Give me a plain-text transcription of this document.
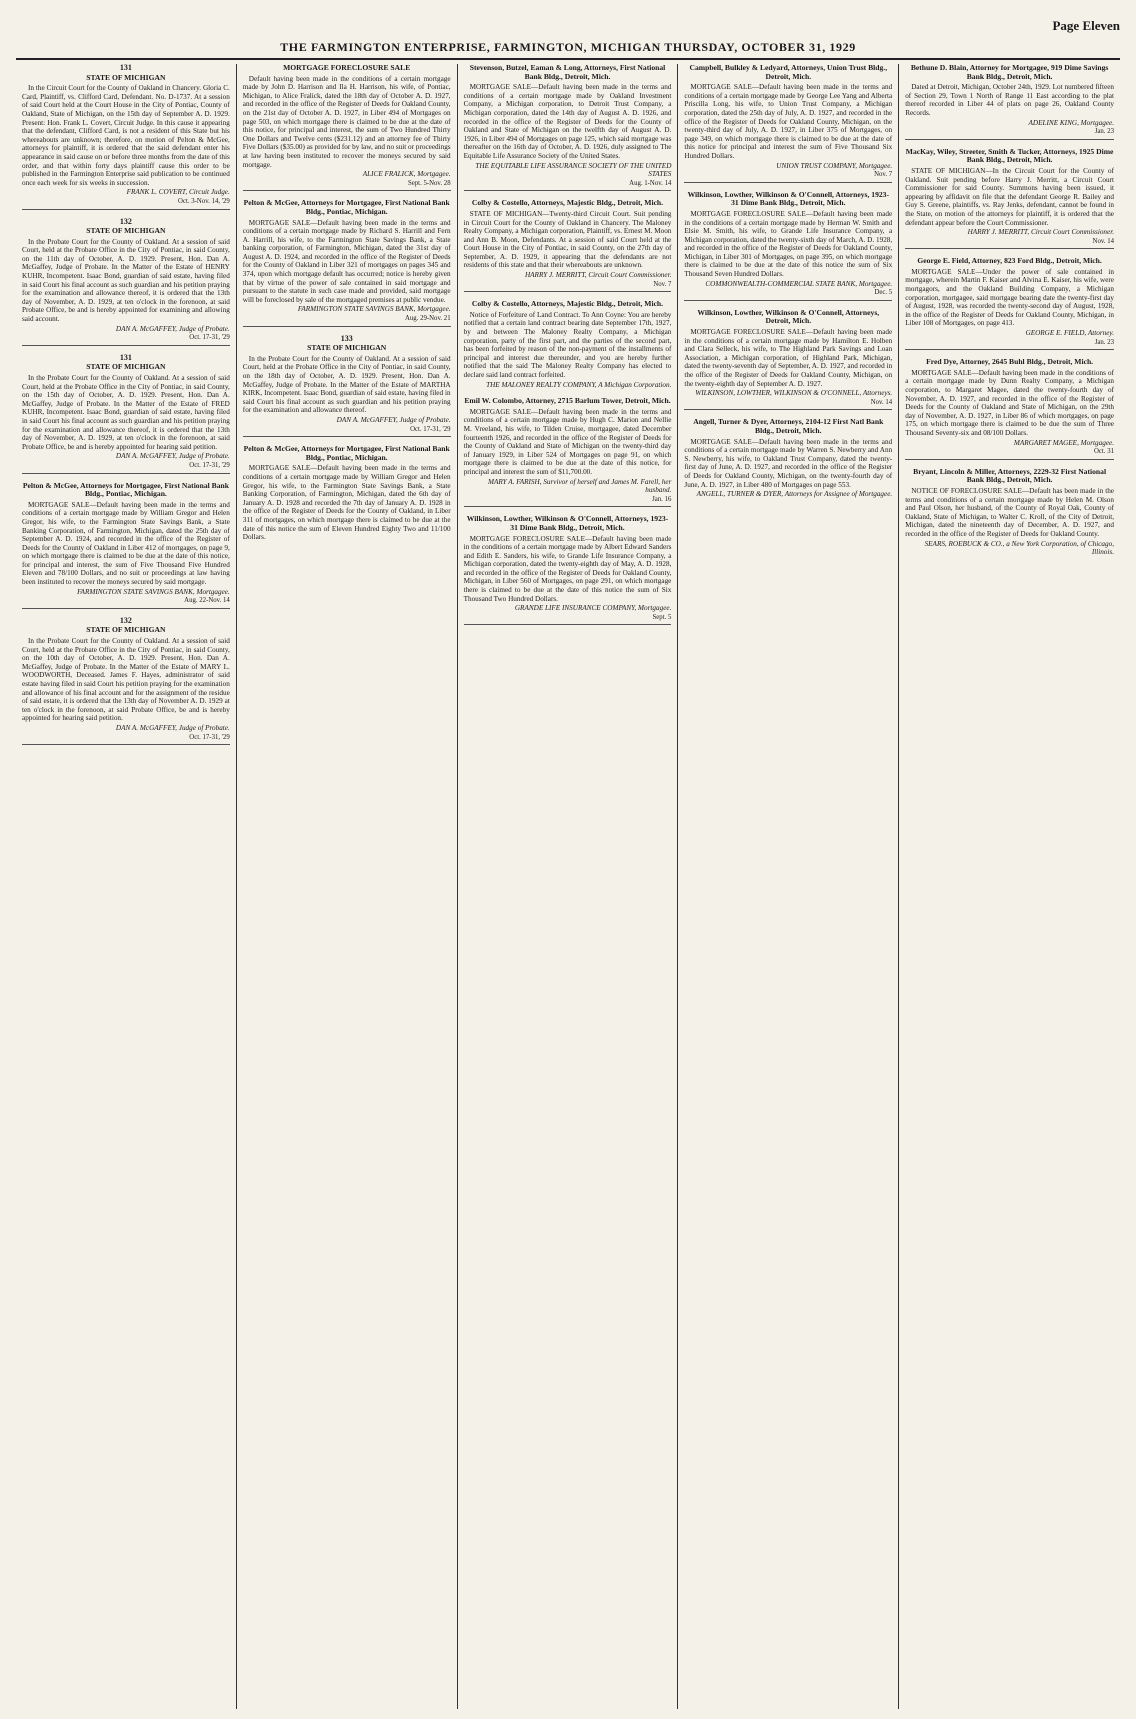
THE FARMINGTON ENTERPRISE, FARMINGTON, MICHIGAN THURSDAY, OCTOBER 31, 1929
Page Eleven
131
STATE OF MICHIGAN
In the Circuit Court for the County of Oakland in Chancery. Gloria C. Card, Plaintiff, vs. Clifford Card, Defendant. No. D-1737. At a session of said Court held at the Court House in the City of Pontiac, County of Oakland, State of Michigan, on the 15th day of September A. D. 1929. Present: Hon. Frank L. Covert, Circuit Judge. In this cause it appearing that the defendant, Clifford Card, is not a resident of this State but his whereabouts are unknown; therefore, on motion of Pelton & McGee, attorneys for plaintiff, it is ordered that the said defendant enter his appearance in said cause on or before three months from the date of this order, and that within forty days plaintiff cause this order to be published in the Farmington Enterprise said publication to be continued once each week for six weeks in succession.
FRANK L. COVERT, Circuit Judge.
Oct. 3-Nov. 14, '29
132
STATE OF MICHIGAN
In the Probate Court for the County of Oakland. At a session of said Court, held at the Probate Office in the City of Pontiac, in said County, on the 11th day of October, A. D. 1929. Present, Hon. Dan A. McGaffey, Judge of Probate. In the Matter of the Estate of HENRY KUHR, Incompetent. Isaac Bond, guardian of said estate, having filed in said Court his final account as such guardian and his petition praying for the examination and allowance thereof, it is ordered that the 13th day of November, A. D. 1929, at ten o'clock in the forenoon, at said Probate Office, be and is hereby appointed for examining and allowing said account.
DAN A. McGAFFEY, Judge of Probate.
Oct. 17-31, '29
131
STATE OF MICHIGAN
In the Probate Court for the County of Oakland. At a session of said Court, held at the Probate Office in the City of Pontiac, in said County, on the 15th day of October, A. D. 1929. Present, Hon. Dan A. McGaffey, Judge of Probate. In the Matter of the Estate of FRED KUHR, Incompetent. Isaac Bond, guardian of said estate, having filed in said Court his final account as such guardian and his petition praying for the examination and allowance thereof, it is ordered that the 13th day of November, A. D. 1929, at ten o'clock in the forenoon, at said Probate Office, be and is hereby appointed for hearing said petition.
DAN A. McGAFFEY, Judge of Probate.
Oct. 17-31, '29
Pelton & McGee, Attorneys for Mortgagee, First National Bank Bldg., Pontiac, Michigan.
MORTGAGE SALE—Default having been made in the terms and conditions of a certain mortgage made by William Gregor and Helen Gregor, his wife, to the Farmington State Savings Bank, a State Banking Corporation, of Farmington, Michigan, dated the 25th day of September A. D. 1924, and recorded in the office of the Register of Deeds for the County of Oakland in Liber 412 of mortgages, on page 9, on which mortgage there is claimed to be due at the date of this notice, for principal and interest, the sum of Five Thousand Five Hundred Eleven and 78/100 Dollars, and no suit or proceedings at law having been instituted to recover the moneys secured by said mortgage.
FARMINGTON STATE SAVINGS BANK, Mortgagee.
Aug. 22-Nov. 14
132
STATE OF MICHIGAN
In the Probate Court for the County of Oakland. At a session of said Court, held at the Probate Office in the City of Pontiac, in said County, on the 10th day of October, A. D. 1929. Present, Hon. Dan A. McGaffey, Judge of Probate. In the Matter of the Estate of MARY L. WOODWORTH, Deceased. James F. Hayes, administrator of said estate having filed in said Court his petition praying for the examination and allowance of his final account and for the assignment of the residue of said estate, it is ordered that the 13th day of November A. D. 1929 at ten o'clock in the forenoon, at said Probate Office, be and is hereby appointed for hearing said petition.
DAN A. McGAFFEY, Judge of Probate.
Oct. 17-31, '29
MORTGAGE FORECLOSURE SALE
Default having been made in the conditions of a certain mortgage made by John D. Harrison and Ila H. Harrison, his wife, of Pontiac, Michigan, to Alice Fralick, dated the 18th day of October A. D. 1927, and recorded in the office of the Register of Deeds for Oakland County, on the 21st day of October A. D. 1927, in Liber 494 of Mortgages on page 503, on which mortgage there is claimed to be due at the date of this notice, for principal and interest, the sum of Two Hundred Thirty One Dollars and Twelve cents ($231.12) and an attorney fee of Thirty Five Dollars ($35.00) as provided for by law, and no suit or proceedings at law having been instituted to recover the moneys secured by said mortgage.
ALICE FRALICK, Mortgagee.
Sept. 5-Nov. 28
Pelton & McGee, Attorneys for Mortgagee, First National Bank Bldg., Pontiac, Michigan.
MORTGAGE SALE—Default having been made in the terms and conditions of a certain mortgage made by Richard S. Harrill and Fern A. Harrill, his wife, to the Farmington State Savings Bank, a State banking corporation, of Farmington, Michigan, dated the 31st day of August A. D. 1924, and recorded in the office of the Register of Deeds for the County of Oakland in Liber 321 of mortgages on pages 345 and 374, upon which mortgage default has occurred; notice is hereby given that by virtue of the power of sale contained in said mortgage and pursuant to the statute in such case made and provided, said mortgage will be foreclosed by sale of the mortgaged premises at public vendue.
FARMINGTON STATE SAVINGS BANK, Mortgagee.
Aug. 29-Nov. 21
133
STATE OF MICHIGAN
In the Probate Court for the County of Oakland. At a session of said Court, held at the Probate Office in the City of Pontiac, in said County, on the 18th day of October, A. D. 1929. Present, Hon. Dan A. McGaffey, Judge of Probate. In the Matter of the Estate of MARTHA KIRK, Incompetent. Isaac Bond, guardian of said estate, having filed in said Court his final account as such guardian and his petition praying for the examination and allowance thereof.
DAN A. McGAFFEY, Judge of Probate.
Oct. 17-31, '29
Pelton & McGee, Attorneys for Mortgagee, First National Bank Bldg., Pontiac, Michigan.
MORTGAGE SALE—Default having been made in the terms and conditions of a certain mortgage made by William Gregor and Helen Gregor, his wife, to the Farmington State Savings Bank, a State Banking Corporation, of Farmington, Michigan, dated the 6th day of January A. D. 1928 and recorded the 7th day of January A. D. 1928 in the office of the Register of Deeds for the County of Oakland, in Liber 311 of mortgages, on which mortgage there is claimed to be due at the date of this notice the sum of Eleven Hundred Eighty Two and 11/100 Dollars.
Stevenson, Butzel, Eaman & Long, Attorneys, First National Bank Bldg., Detroit, Mich.
MORTGAGE SALE—Default having been made in the terms and conditions of a certain mortgage made by Oakland Investment Company, a Michigan corporation, to Detroit Trust Company, a Michigan corporation, dated the 14th day of August A. D. 1926, and recorded in the office of the Register of Deeds for the County of Oakland and State of Michigan on the twelfth day of August A. D. 1926, in Liber 494 of Mortgages on page 125, which said mortgage was thereafter on the 16th day of October, A. D. 1926, duly assigned to The Equitable Life Assurance Society of the United States.
THE EQUITABLE LIFE ASSURANCE SOCIETY OF THE UNITED STATES
Aug. 1-Nov. 14
Colby & Costello, Attorneys, Majestic Bldg., Detroit, Mich.
STATE OF MICHIGAN—Twenty-third Circuit Court. Suit pending in Circuit Court for the County of Oakland in Chancery. The Maloney Realty Company, a Michigan corporation, Plaintiff, vs. Ernest M. Moon and Ann B. Moon, Defendants. At a session of said Court held at the Court House in the City of Pontiac, in said County, on the 27th day of September, A. D. 1929, it appearing that the defendants are not residents of this state and that their whereabouts are unknown.
HARRY J. MERRITT, Circuit Court Commissioner.
Nov. 7
Colby & Costello, Attorneys, Majestic Bldg., Detroit, Mich.
Notice of Forfeiture of Land Contract. To Ann Coyne: You are hereby notified that a certain land contract bearing date September 17th, 1927, by and between The Maloney Realty Company, a Michigan corporation, party of the first part, and the parties of the second part, has been forfeited by reason of the non-payment of the installments of principal and interest due thereunder, and you are hereby further notified that the said The Maloney Realty Company has elected to declare said land contract forfeited.
THE MALONEY REALTY COMPANY, A Michigan Corporation.
Emil W. Colombo, Attorney, 2715 Barlum Tower, Detroit, Mich.
MORTGAGE SALE—Default having been made in the terms and conditions of a certain mortgage made by Hugh C. Marion and Nellie M. Vreeland, his wife, to Tilden Cruise, mortgagee, dated December fourteenth 1926, and recorded in the office of the Register of Deeds for the County of Oakland and State of Michigan on the twenty-third day of January 1929, in Liber 524 of Mortgages on page 91, on which mortgage there is claimed to be due at the date of this notice, for principal and interest the sum of $11,700.00.
MARY A. FARISH, Survivor of herself and James M. Farell, her husband.
Jan. 16
Wilkinson, Lowther, Wilkinson & O'Connell, Attorneys, 1923-31 Dime Bank Bldg., Detroit, Mich.
MORTGAGE FORECLOSURE SALE—Default having been made in the conditions of a certain mortgage made by Albert Edward Sanders and Edith E. Sanders, his wife, to Grande Life Insurance Company, a Michigan corporation, dated the twenty-eighth day of May, A. D. 1928, and recorded in the office of the Register of Deeds for Oakland County, Michigan, in Liber 560 of Mortgages, on page 291, on which mortgage there is claimed to be due at the date of this notice the sum of Six Thousand Two Hundred Dollars.
GRANDE LIFE INSURANCE COMPANY, Mortgagee.
Sept. 5
Campbell, Bulkley & Ledyard, Attorneys, Union Trust Bldg., Detroit, Mich.
MORTGAGE SALE—Default having been made in the terms and conditions of a certain mortgage made by George Lee Yang and Alberta Priscilla Long, his wife, to Union Trust Company, a Michigan corporation, dated the 25th day of July, A. D. 1927, and recorded in the office of the Register of Deeds for Oakland County, Michigan, on the twenty-third day of July, A. D. 1927, in Liber 375 of Mortgages, on page 349, on which mortgage there is claimed to be due at the date of this notice for principal and interest the sum of Five Thousand Six Hundred Dollars.
UNION TRUST COMPANY, Mortgagee.
Nov. 7
Wilkinson, Lowther, Wilkinson & O'Connell, Attorneys, 1923-31 Dime Bank Bldg., Detroit, Mich.
MORTGAGE FORECLOSURE SALE—Default having been made in the conditions of a certain mortgage made by Herman W. Smith and Elsie M. Smith, his wife, to Grande Life Insurance Company, a Michigan corporation, dated the twenty-sixth day of March, A. D. 1928, and recorded in the office of the Register of Deeds for Oakland County, Michigan, in Liber 301 of Mortgages, on page 395, on which mortgage there is claimed to be due at the date of this notice the sum of Six Thousand Seven Hundred Dollars.
COMMONWEALTH-COMMERCIAL STATE BANK, Mortgagee.
Dec. 5
Wilkinson, Lowther, Wilkinson & O'Connell, Attorneys, Detroit, Mich.
MORTGAGE FORECLOSURE SALE—Default having been made in the conditions of a certain mortgage made by Hamilton E. Holben and Clara Selleck, his wife, to The Highland Park Savings and Loan Association, a Michigan corporation, of Highland Park, Michigan, dated the twenty-seventh day of September, A. D. 1927, and recorded in the office of the Register of Deeds for Oakland County, Michigan, on the twenty-eighth day of September A. D. 1927.
WILKINSON, LOWTHER, WILKINSON & O'CONNELL, Attorneys.
Nov. 14
Angell, Turner & Dyer, Attorneys, 2104-12 First Natl Bank Bldg., Detroit, Mich.
MORTGAGE SALE—Default having been made in the terms and conditions of a certain mortgage made by Warren S. Newberry and Ann S. Newberry, his wife, to Oakland Trust Company, dated the twenty-first day of June, A. D. 1927, and recorded in the office of the Register of Deeds for Oakland County, Michigan, on the twenty-fourth day of June, A. D. 1927, in Liber 480 of Mortgages on page 553.
ANGELL, TURNER & DYER, Attorneys for Assignee of Mortgagee.
Bethune D. Blain, Attorney for Mortgagee, 919 Dime Savings Bank Bldg., Detroit, Mich.
Dated at Detroit, Michigan, October 24th, 1929. Lot numbered fifteen of Section 29, Town 1 North of Range 11 East according to the plat thereof recorded in Liber 44 of plats on page 26, Oakland County Records.
ADELINE KING, Mortgagee.
Jan. 23
MacKay, Wiley, Streeter, Smith & Tucker, Attorneys, 1925 Dime Bank Bldg., Detroit, Mich.
STATE OF MICHIGAN—In the Circuit Court for the County of Oakland. Suit pending before Harry J. Merritt, a Circuit Court Commissioner for said County. Summons having been issued, it appearing by affidavit on file that the defendant George R. Bailey and Guy S. Greene, plaintiffs, vs. Ray Jenks, defendant, cannot be found in the State, on motion of the attorneys for plaintiff, it is ordered that the defendant appear before the Court Commissioner.
HARRY J. MERRITT, Circuit Court Commissioner.
Nov. 14
George E. Field, Attorney, 823 Ford Bldg., Detroit, Mich.
MORTGAGE SALE—Under the power of sale contained in mortgage, wherein Martin F. Kaiser and Alvina E. Kaiser, his wife, were mortgagors, and the Oakland Building Company, a Michigan corporation, mortgagee, said mortgage bearing date the twenty-first day of August, 1928, was recorded the twenty-second day of August, 1928, in the office of the Register of Deeds for Oakland County, Michigan, in Liber 108 of Mortgages, on page 413.
GEORGE E. FIELD, Attorney.
Jan. 23
Fred Dye, Attorney, 2645 Buhl Bldg., Detroit, Mich.
MORTGAGE SALE—Default having been made in the conditions of a certain mortgage made by Dunn Realty Company, a Michigan corporation, to Margaret Magee, dated the twenty-fourth day of November, A. D. 1927, and recorded in the office of the Register of Deeds for the County of Oakland and State of Michigan, on the 29th day of November, A. D. 1927, in Liber 86 of which mortgages, on page 175, on which mortgage there is claimed to be due the sum of Three Thousand Seventy-six and 08/100 Dollars.
MARGARET MAGEE, Mortgagee.
Oct. 31
Bryant, Lincoln & Miller, Attorneys, 2229-32 First National Bank Bldg., Detroit, Mich.
NOTICE OF FORECLOSURE SALE—Default has been made in the terms and conditions of a certain mortgage made by Helen M. Olson and Paul Olson, her husband, of the County of Royal Oak, County of Oakland, State of Michigan, to Walter C. Kroll, of the City of Detroit, Michigan, dated the nineteenth day of December, A. D. 1927, and recorded in the office of the Register of Deeds for Oakland County.
SEARS, ROEBUCK & CO., a New York Corporation, of Chicago, Illinois.
